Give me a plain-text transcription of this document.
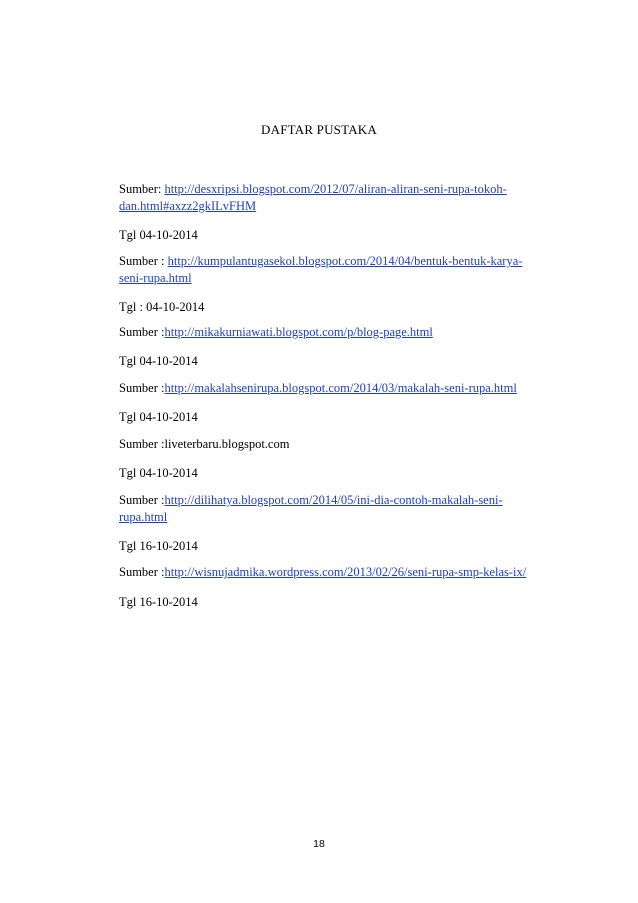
DAFTAR PUSTAKA
Sumber: http://desxripsi.blogspot.com/2012/07/aliran-aliran-seni-rupa-tokoh-
dan.html#axzz2gkILvFHM
Tgl 04-10-2014
Sumber : http://kumpulantugasekol.blogspot.com/2014/04/bentuk-bentuk-karya-
seni-rupa.html
Tgl : 04-10-2014
Sumber :http://mikakurniawati.blogspot.com/p/blog-page.html
Tgl 04-10-2014
Sumber :http://makalahsenirupa.blogspot.com/2014/03/makalah-seni-rupa.html
Tgl 04-10-2014
Sumber :liveterbaru.blogspot.com
Tgl 04-10-2014
Sumber :http://dilihatya.blogspot.com/2014/05/ini-dia-contoh-makalah-seni-
rupa.html
Tgl 16-10-2014
Sumber :http://wisnujadmika.wordpress.com/2013/02/26/seni-rupa-smp-kelas-ix/
Tgl 16-10-2014
18
